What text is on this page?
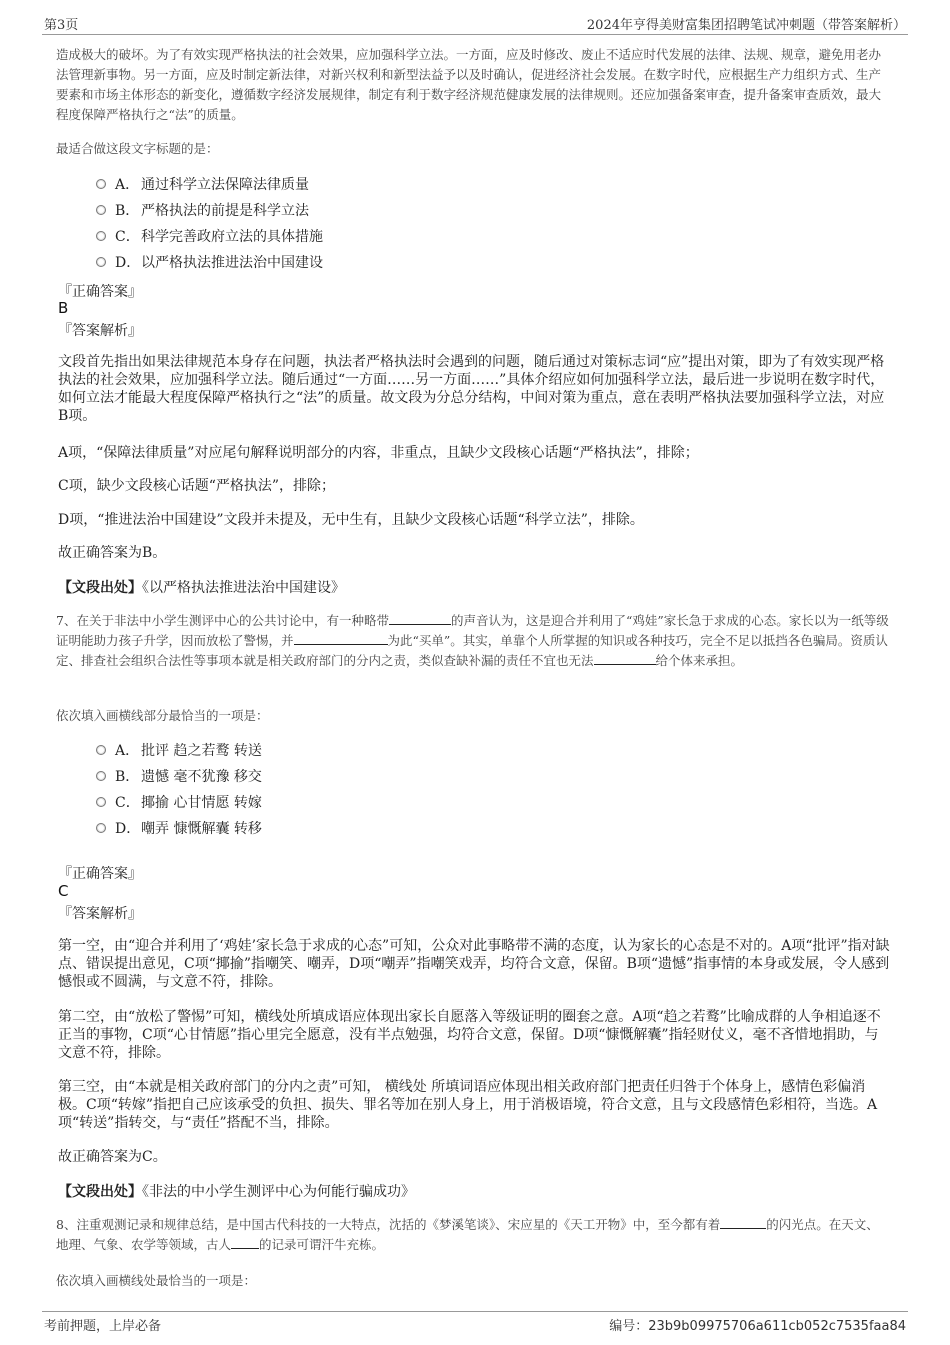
第3页	2024年亨得美财富集团招聘笔试冲刺题（带答案解析）

造成极大的破坏。为了有效实现严格执法的社会效果，应加强科学立法。一方面，应及时修改、废止不适应时代发展的法律、法规、规章，避免用老办法管理新事物。另一方面，应及时制定新法律，对新兴权利和新型法益予以及时确认，促进经济社会发展。在数字时代，应根据生产力组织方式、生产要素和市场主体形态的新变化，遵循数字经济发展规律，制定有利于数字经济规范健康发展的法律规则。还应加强备案审查，提升备案审查质效，最大程度保障严格执行之“法”的质量。

最适合做这段文字标题的是：

A． 通过科学立法保障法律质量
B． 严格执法的前提是科学立法
C． 科学完善政府立法的具体措施
D． 以严格执法推进法治中国建设
『正确答案』
B
『答案解析』

文段首先指出如果法律规范本身存在问题，执法者严格执法时会遇到的问题，随后通过对策标志词“应”提出对策，即为了有效实现严格执法的社会效果，应加强科学立法。随后通过“一方面……另一方面……”具体介绍应如何加强科学立法，最后进一步说明在数字时代，如何立法才能最大程度保障严格执行之“法”的质量。故文段为分总分结构，中间对策为重点，意在表明严格执法要加强科学立法，对应B项。

A项，“保障法律质量”对应尾句解释说明部分的内容，非重点，且缺少文段核心话题“严格执法”，排除；

C项，缺少文段核心话题“严格执法”，排除；

D项，“推进法治中国建设”文段并未提及，无中生有，且缺少文段核心话题“科学立法”，排除。

故正确答案为B。

【文段出处】《以严格执法推进法治中国建设》

7、在关于非法中小学生测评中心的公共讨论中，有一种略带	的声音认为，这是迎合并利用了“鸡娃”家长急于求成的心态。家长以为一纸等级证明能助力孩子升学，因而放松了警惕，并	为此“买单”。其实，单靠个人所掌握的知识或各种技巧，完全不足以抵挡各色骗局。资质认定、排查社会组织合法性等事项本就是相关政府部门的分内之责，类似查缺补漏的责任不宜也无法	给个体来承担。

依次填入画横线部分最恰当的一项是：

A． 批评 趋之若鹜 转送
B． 遗憾 毫不犹豫 移交
C． 揶揄 心甘情愿 转嫁
D． 嘲弄 慷慨解囊 转移
『正确答案』
C
『答案解析』

第一空，由“迎合并利用了‘鸡娃’家长急于求成的心态”可知，公众对此事略带不满的态度，认为家长的心态是不对的。A项“批评”指对缺点、错误提出意见，C项“揶揄”指嘲笑、嘲弄，D项“嘲弄”指嘲笑戏弄，均符合文意，保留。B项“遗憾”指事情的本身或发展，令人感到憾恨或不圆满，与文意不符，排除。

第二空，由“放松了警惕”可知，横线处所填成语应体现出家长自愿落入等级证明的圈套之意。A项“趋之若鹜”比喻成群的人争相追逐不正当的事物，C项“心甘情愿”指心里完全愿意，没有半点勉强，均符合文意，保留。D项“慷慨解囊”指轻财仗义，毫不吝惜地捐助，与文意不符，排除。

第三空，由“本就是相关政府部门的分内之责”可知， 横线处 所填词语应体现出相关政府部门把责任归咎于个体身上，感情色彩偏消极。C项“转嫁”指把自己应该承受的负担、损失、罪名等加在别人身上，用于消极语境，符合文意，且与文段感情色彩相符，当选。A项“转送”指转交，与“责任”搭配不当，排除。

故正确答案为C。

【文段出处】《非法的中小学生测评中心为何能行骗成功》

8、注重观测记录和规律总结，是中国古代科技的一大特点，沈括的《梦溪笔谈》、宋应星的《天工开物》中，至今都有着	的闪光点。在天文、地理、气象、农学等领域，古人 的记录可谓汗牛充栋。

依次填入画横线处最恰当的一项是：

考前押题，上岸必备	编号：23b9b09975706a611cb052c7535faa84
